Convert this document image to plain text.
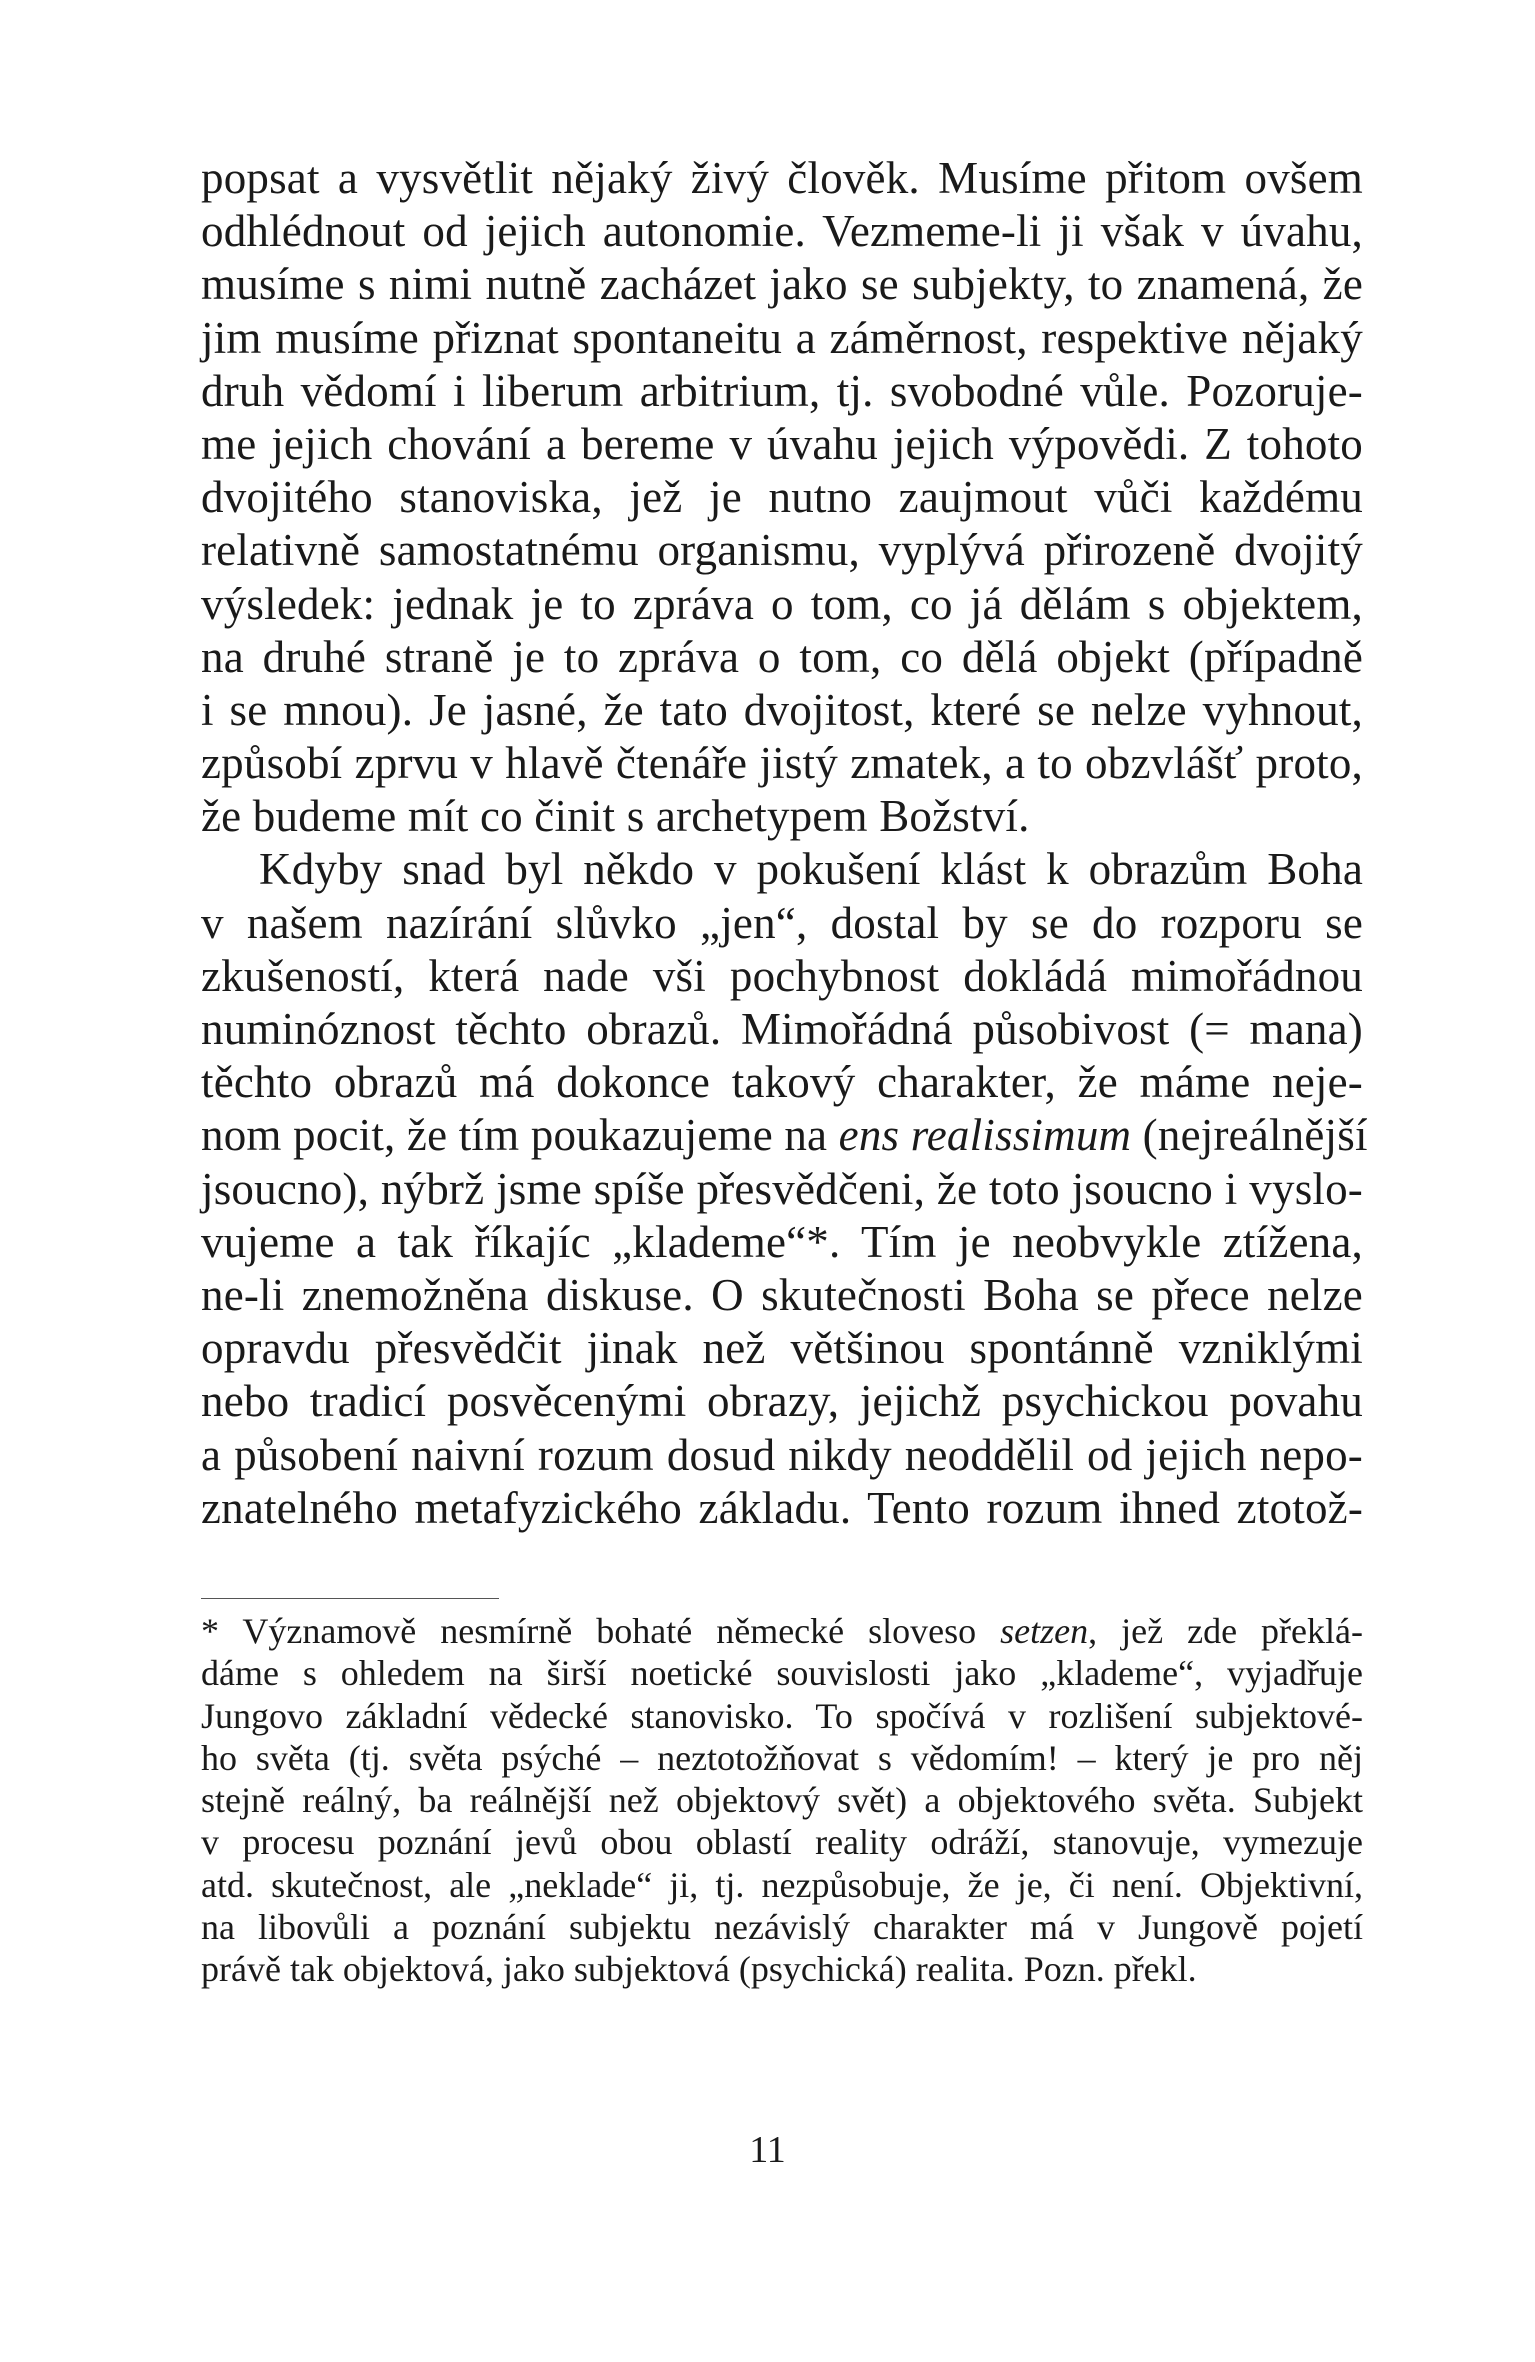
popsat a vysvětlit nějaký živý člověk. Musíme přitom ovšem
odhlédnout od jejich autonomie. Vezmeme-li ji však v úvahu,
musíme s nimi nutně zacházet jako se subjekty, to znamená, že
jim musíme přiznat spontaneitu a záměrnost, respektive nějaký
druh vědomí i liberum arbitrium, tj. svobodné vůle. Pozoruje-
me jejich chování a bereme v úvahu jejich výpovědi. Z tohoto
dvojitého stanoviska, jež je nutno zaujmout vůči každému
relativně samostatnému organismu, vyplývá přirozeně dvojitý
výsledek: jednak je to zpráva o tom, co já dělám s objektem,
na druhé straně je to zpráva o tom, co dělá objekt (případně
i se mnou). Je jasné, že tato dvojitost, které se nelze vyhnout,
způsobí zprvu v hlavě čtenáře jistý zmatek, a to obzvlášť proto,
že budeme mít co činit s archetypem Božství.
Kdyby snad byl někdo v pokušení klást k obrazům Boha
v našem nazírání slůvko „jen“, dostal by se do rozporu se
zkušeností, která nade vši pochybnost dokládá mimořádnou
numinóznost těchto obrazů. Mimořádná působivost (= mana)
těchto obrazů má dokonce takový charakter, že máme neje-
nom pocit, že tím poukazujeme na ens realissimum (nejreálnější
jsoucno), nýbrž jsme spíše přesvědčeni, že toto jsoucno i vyslo-
vujeme a tak říkajíc „klademe“*. Tím je neobvykle ztížena,
ne-li znemožněna diskuse. O skutečnosti Boha se přece nelze
opravdu přesvědčit jinak než většinou spontánně vzniklými
nebo tradicí posvěcenými obrazy, jejichž psychickou povahu
a působení naivní rozum dosud nikdy neoddělil od jejich nepo-
znatelného metafyzického základu. Tento rozum ihned ztotož-
* Významově nesmírně bohaté německé sloveso setzen, jež zde překlá-
dáme s ohledem na širší noetické souvislosti jako „klademe“, vyjadřuje
Jungovo základní vědecké stanovisko. To spočívá v rozlišení subjektové-
ho světa (tj. světa psýché – neztotožňovat s vědomím! – který je pro něj
stejně reálný, ba reálnější než objektový svět) a objektového světa. Subjekt
v procesu poznání jevů obou oblastí reality odráží, stanovuje, vymezuje
atd. skutečnost, ale „neklade“ ji, tj. nezpůsobuje, že je, či není. Objektivní,
na libovůli a poznání subjektu nezávislý charakter má v Jungově pojetí
právě tak objektová, jako subjektová (psychická) realita. Pozn. překl.
11
